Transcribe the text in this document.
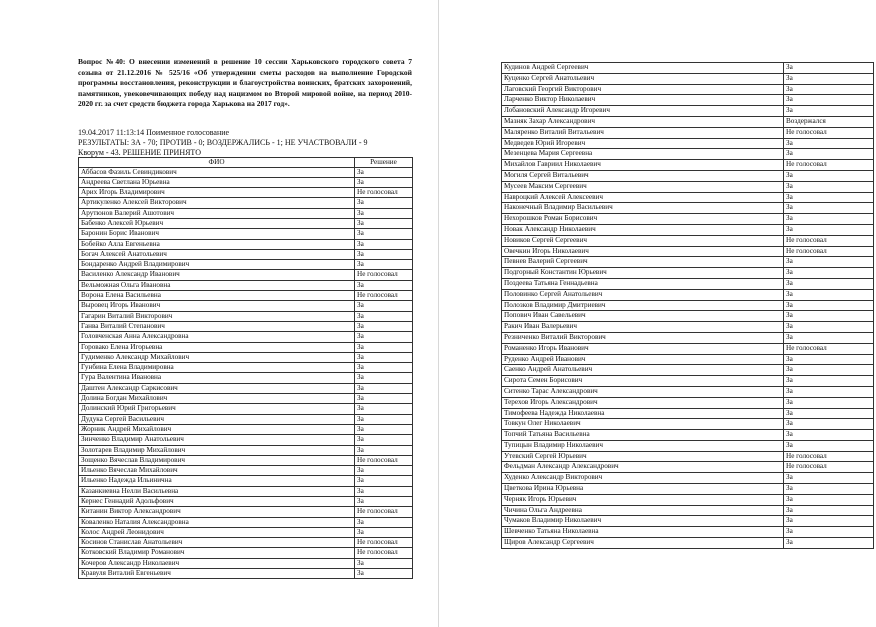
Вопрос №40: О внесении изменений в решение 10 сессии Харьковского городского совета 7 созыва от 21.12.2016 № 525/16 «Об утверждении сметы расходов на выполнение Городской программы восстановления, реконструкции и благоустройства воинских, братских захоронений, памятников, увековечивающих победу над нацизмом во Второй мировой войне, на период 2010-2020 гг. за счет средств бюджета города Харькова на 2017 год».
19.04.2017 11:13:14 Поименное голосование
РЕЗУЛЬТАТЫ: ЗА - 70; ПРОТИВ - 0; ВОЗДЕРЖАЛИСЬ - 1; НЕ УЧАСТВОВАЛИ - 9
Кворум - 43. РЕШЕНИЕ ПРИНЯТО
ФИО	Решение
Аббасов Фазиль Севиндикович	За
Андреева Светлана Юрьевна	За
Арих Игорь Владимирович	Не голосовал
Артикуленко Алексей Викторович	За
Арутюнов Валерий Ашотович	За
Бабенко Алексей Юрьевич	За
Баронин Борис Иванович	За
Бобейко Алла Евгеньевна	За
Богач Алексей Анатольевич	За
Бондаренко Андрей Владимирович	За
Василенко Александр Иванович	Не голосовал
Вельможная Ольга Ивановна	За
Ворона Елена Васильевна	Не голосовал
Выровец Игорь Иванович	За
Гагарин Виталий Викторович	За
Ганва Виталий Степанович	За
Головченская Анна Александровна	За
Горовако Елена Игорьевна	За
Гудименко Александр Михайлович	За
Гунбина Елена Владимировна	За
Гура Валентина Ивановна	За
Даштен Александр Саркисович	За
Долина Богдан Михайлович	За
Долинский Юрий Григорьевич	За
Дудука Сергей Васильевич	За
Жорник Андрей Михайлович	За
Зинченко Владимир Анатольевич	За
Золотарев Владимир Михайлович	За
Зощенко Вячеслав Владимирович	Не голосовал
Ильенко Вячеслав Михайлович	За
Ильенко Надежда Ильинична	За
Казанкиевна Нелли Васильевна	За
Кернес Геннадий Адольфович	За
Китанин Виктор Александрович	Не голосовал
Коваленко Наталия Александровна	За
Колос Андрей Леонидович	За
Косинов Станислав Анатольевич	Не голосовал
Котковский Владимир Романович	Не голосовал
Кочеров Александр Николаевич	За
Кравуля Виталий Евгеньевич	За
Кудинов Андрей Сергеевич	За
Куценко Сергей Анатольевич	За
Лаговский Георгий Викторович	За
Ларченко Виктор Николаевич	За
Лобановский Александр Игоревич	За
Мазняк Захар Александрович	Воздержался
Маляренко Виталий Витальевич	Не голосовал
Медведев Юрий Игоревич	За
Мезенцева Мария Сергеевна	За
Михайлов Гавриил Николаевич	Не голосовал
Могиля Сергей Витальевич	За
Мусеев Максим Сергеевич	За
Навроцкий Алексей Алексеевич	За
Наконечный Владимир Васильевич	За
Нехорошков Роман Борисович	За
Новак Александр Николаевич	За
Новиков Сергей Сергеевич	Не голосовал
Овечкин Игорь Николаевич	Не голосовал
Певнев Валерий Сергеевич	За
Подгорный Константин Юрьевич	За
Поздеева Татьяна Геннадьевна	За
Половинко Сергей Анатольевич	За
Полозков Владимир Дмитриевич	За
Попович Иван Савельевич	За
Ракич Иван Валерьевич	За
Резниченко Виталий Викторович	За
Романенко Игорь Иванович	Не голосовал
Руденко Андрей Иванович	За
Саенко Андрей Анатольевич	За
Сирота Семен Борисович	За
Ситенко Тарас Александрович	За
Терехов Игорь Александрович	За
Тимофеева Надежда Николаевна	За
Товкун Олег Николаевич	За
Топчий Татьяна Васильевна	За
Тупицын Владимир Николаевич	За
Утевский Сергей Юрьевич	Не голосовал
Фельдман Александр Александрович	Не голосовал
Худенко Александр Викторович	За
Цветкова Ирина Юрьевна	За
Черняк Игорь Юрьевич	За
Чичина Ольга Андреевна	За
Чумаков Владимир Николаевич	За
Шевченко Татьяна Николаевна	За
Щиров Александр Сергеевич	За
